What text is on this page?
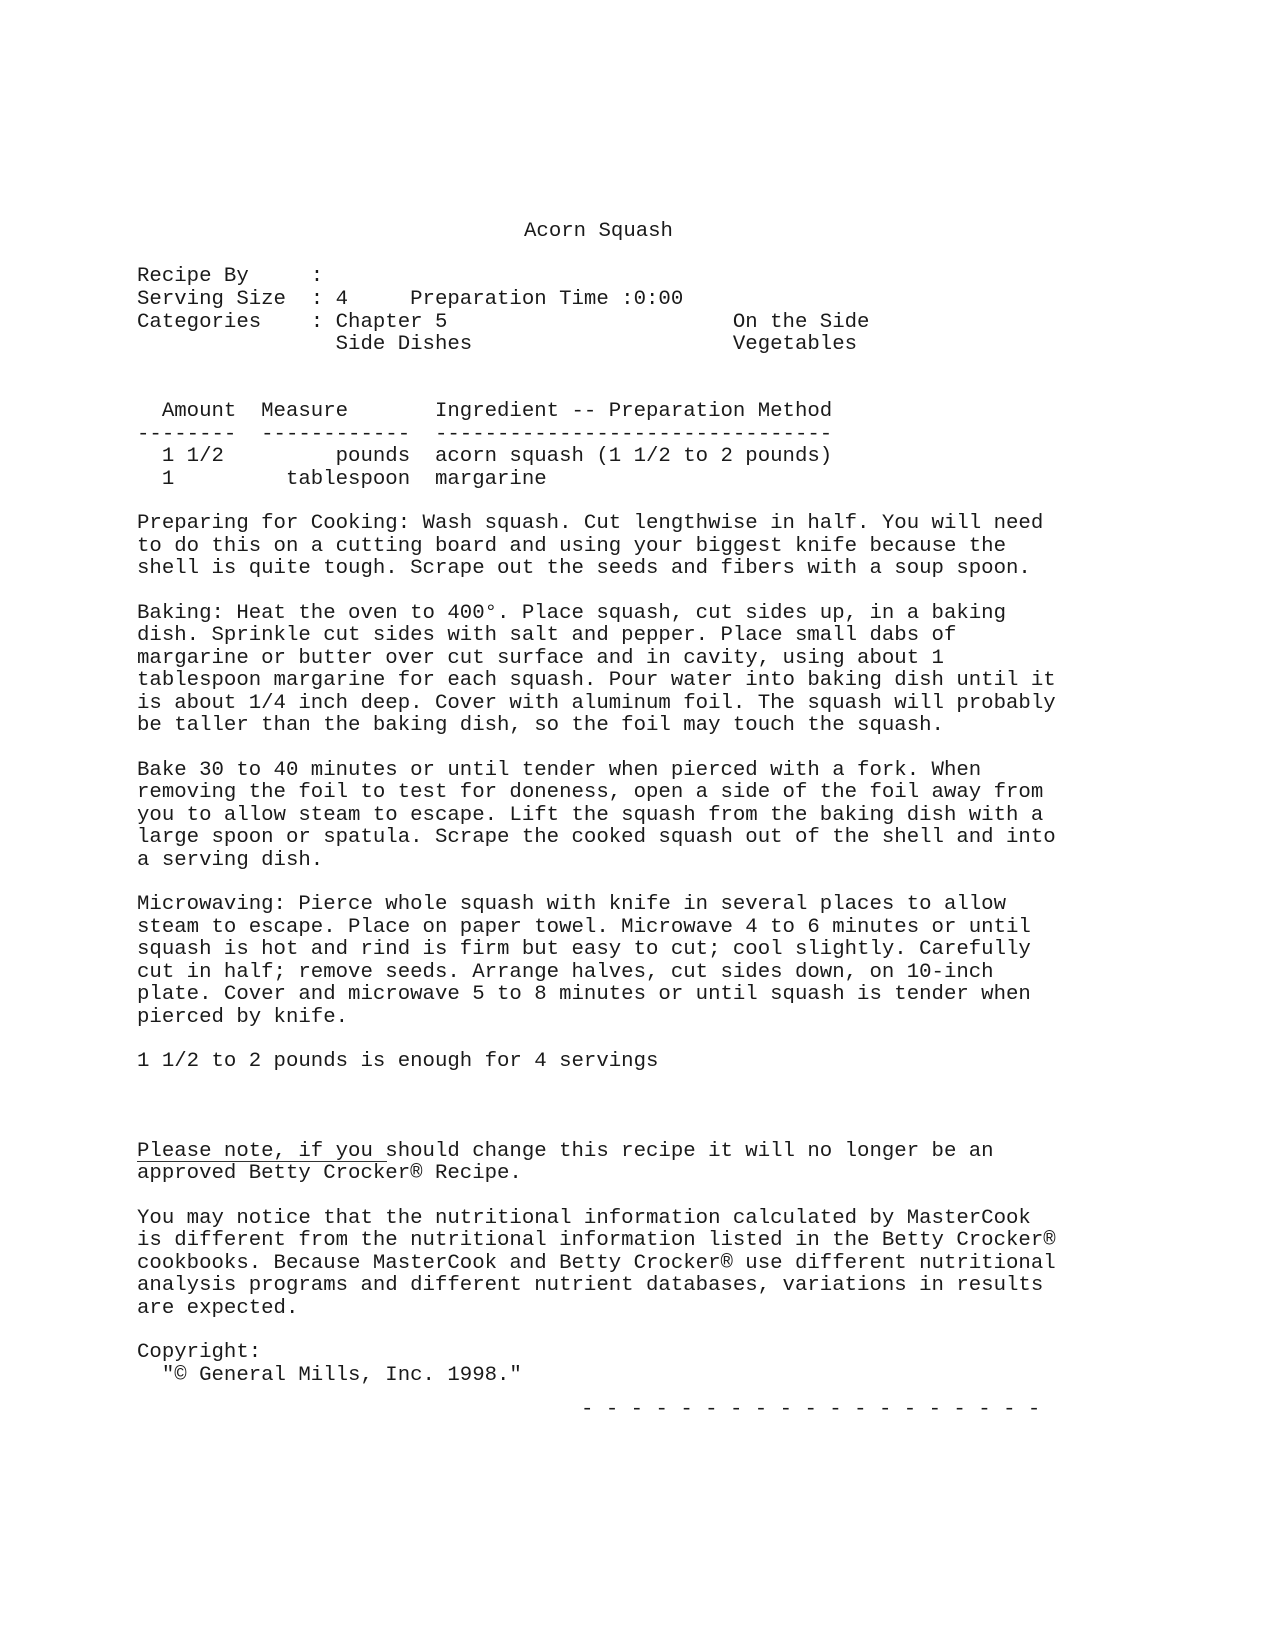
Acorn Squash
Recipe By     :
Serving Size  : 4     Preparation Time :0:00
Categories    : Chapter 5                       On the Side
Side Dishes                     Vegetables
Amount  Measure       Ingredient -- Preparation Method
--------  ------------  --------------------------------
1 1/2         pounds  acorn squash (1 1/2 to 2 pounds)
1         tablespoon  margarine
Preparing for Cooking: Wash squash. Cut lengthwise in half. You will need
to do this on a cutting board and using your biggest knife because the
shell is quite tough. Scrape out the seeds and fibers with a soup spoon.
Baking: Heat the oven to 400°. Place squash, cut sides up, in a baking
dish. Sprinkle cut sides with salt and pepper. Place small dabs of
margarine or butter over cut surface and in cavity, using about 1
tablespoon margarine for each squash. Pour water into baking dish until it
is about 1/4 inch deep. Cover with aluminum foil. The squash will probably
be taller than the baking dish, so the foil may touch the squash.
Bake 30 to 40 minutes or until tender when pierced with a fork. When
removing the foil to test for doneness, open a side of the foil away from
you to allow steam to escape. Lift the squash from the baking dish with a
large spoon or spatula. Scrape the cooked squash out of the shell and into
a serving dish.
Microwaving: Pierce whole squash with knife in several places to allow
steam to escape. Place on paper towel. Microwave 4 to 6 minutes or until
squash is hot and rind is firm but easy to cut; cool slightly. Carefully
cut in half; remove seeds. Arrange halves, cut sides down, on 10-inch
plate. Cover and microwave 5 to 8 minutes or until squash is tender when
pierced by knife.
1 1/2 to 2 pounds is enough for 4 servings
Please note, if you should change this recipe it will no longer be an
approved Betty Crocker® Recipe.
You may notice that the nutritional information calculated by MasterCook
is different from the nutritional information listed in the Betty Crocker®
cookbooks. Because MasterCook and Betty Crocker® use different nutritional
analysis programs and different nutrient databases, variations in results
are expected.
Copyright:
"© General Mills, Inc. 1998."
- - - - - - - - - - - - - - - - - - -
